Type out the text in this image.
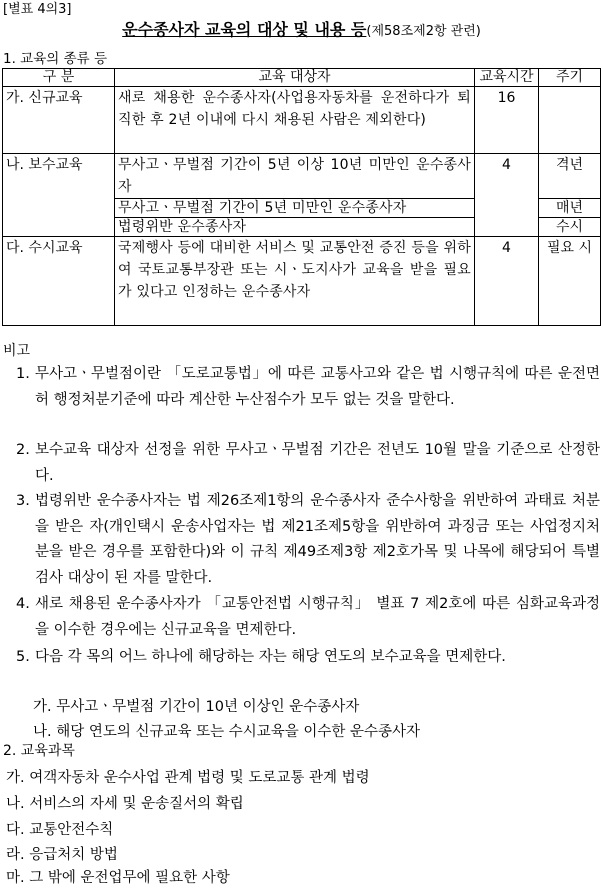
[별표 4의3]
운수종사자 교육의 대상 및 내용 등(제58조제2항 관련)
1. 교육의 종류 등
구 분	교육 대상자	교육시간	주기
가. 신규교육	새로 채용한 운수종사자(사업용자동차를 운전하다가 퇴직한 후 2년 이내에 다시 채용된 사람은 제외한다)	16	
나. 보수교육	무사고ㆍ무벌점 기간이 5년 이상 10년 미만인 운수종사자	4	격년
	무사고ㆍ무벌점 기간이 5년 미만인 운수종사자		매년
	법령위반 운수종사자		수시
다. 수시교육	국제행사 등에 대비한 서비스 및 교통안전 증진 등을 위하여 국토교통부장관 또는 시ㆍ도지사가 교육을 받을 필요가 있다고 인정하는 운수종사자	4	필요 시
비고
1. 무사고ㆍ무벌점이란 「도로교통법」에 따른 교통사고와 같은 법 시행규칙에 따른 운전면허 행정처분기준에 따라 계산한 누산점수가 모두 없는 것을 말한다.
2. 보수교육 대상자 선정을 위한 무사고ㆍ무벌점 기간은 전년도 10월 말을 기준으로 산정한다.
3. 법령위반 운수종사자는 법 제26조제1항의 운수종사자 준수사항을 위반하여 과태료 처분을 받은 자(개인택시 운송사업자는 법 제21조제5항을 위반하여 과징금 또는 사업정지처분을 받은 경우를 포함한다)와 이 규칙 제49조제3항 제2호가목 및 나목에 해당되어 특별검사 대상이 된 자를 말한다.
4. 새로 채용된 운수종사자가 「교통안전법 시행규칙」 별표 7 제2호에 따른 심화교육과정을 이수한 경우에는 신규교육을 면제한다.
5. 다음 각 목의 어느 하나에 해당하는 자는 해당 연도의 보수교육을 면제한다.
가. 무사고ㆍ무벌점 기간이 10년 이상인 운수종사자
나. 해당 연도의 신규교육 또는 수시교육을 이수한 운수종사자
2. 교육과목
가. 여객자동차 운수사업 관계 법령 및 도로교통 관계 법령
나. 서비스의 자세 및 운송질서의 확립
다. 교통안전수칙
라. 응급처치 방법
마. 그 밖에 운전업무에 필요한 사항
